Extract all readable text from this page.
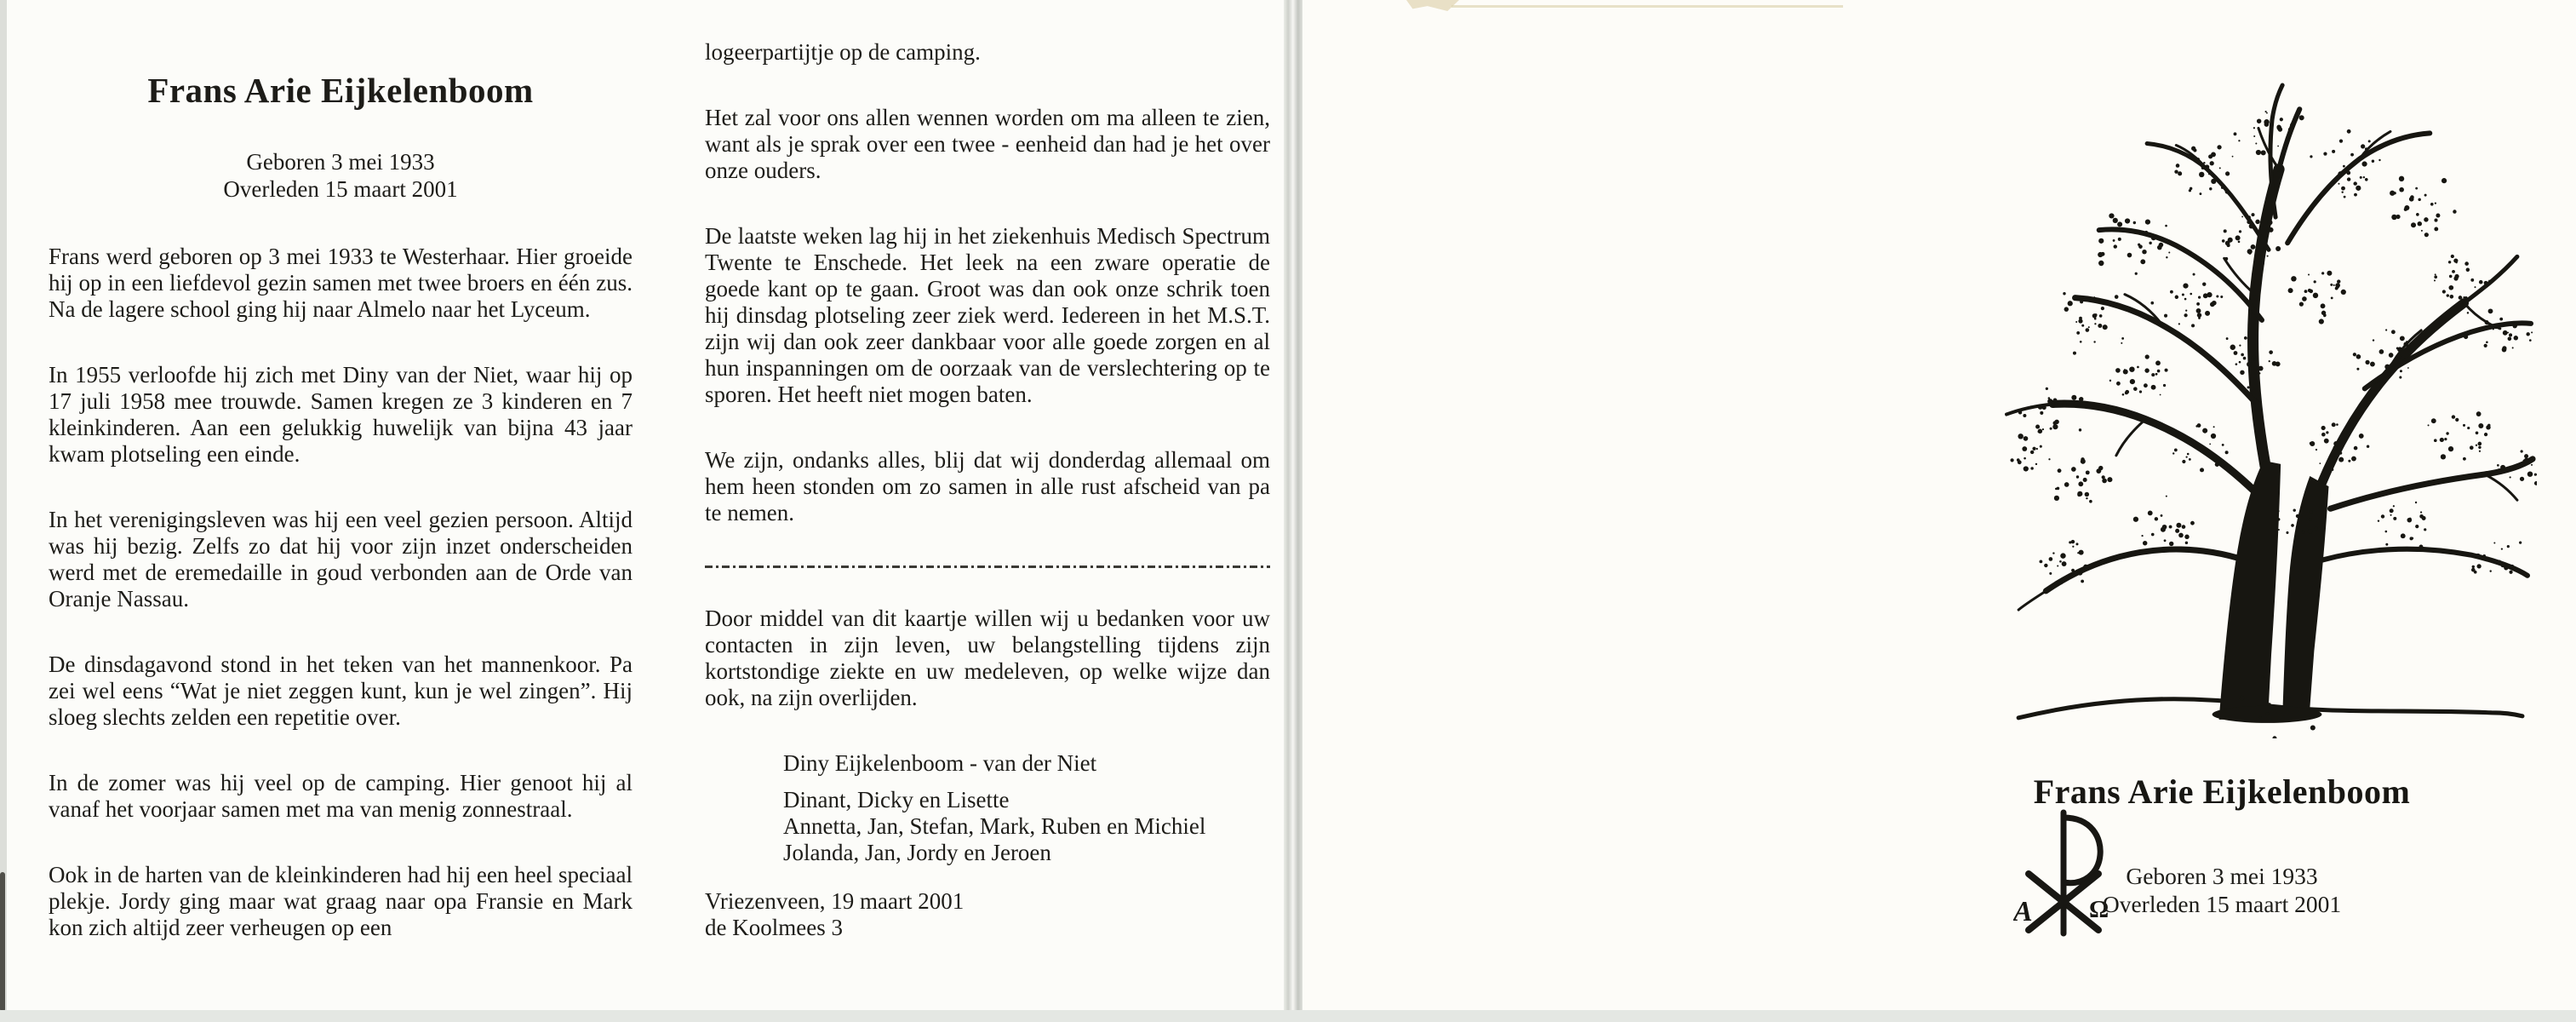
Frans Arie Eijkelenboom
Geboren 3 mei 1933
Overleden 15 maart 2001

Frans werd geboren op 3 mei 1933 te Westerhaar. Hier groeide hij op in een liefdevol gezin samen met twee broers en één zus. Na de lagere school ging hij naar Almelo naar het Lyceum.

In 1955 verloofde hij zich met Diny van der Niet, waar hij op 17 juli 1958 mee trouwde. Samen kregen ze 3 kinderen en 7 kleinkinderen. Aan een gelukkig huwelijk van bijna 43 jaar kwam plotseling een einde.

In het verenigingsleven was hij een veel gezien persoon. Altijd was hij bezig. Zelfs zo dat hij voor zijn inzet onderscheiden werd met de eremedaille in goud verbonden aan de Orde van Oranje Nassau.

De dinsdagavond stond in het teken van het mannenkoor. Pa zei wel eens “Wat je niet zeggen kunt, kun je wel zingen”. Hij sloeg slechts zelden een repetitie over.

In de zomer was hij veel op de camping. Hier genoot hij al vanaf het voorjaar samen met ma van menig zonnestraal.

Ook in de harten van de kleinkinderen had hij een heel speciaal plekje. Jordy ging maar wat graag naar opa Fransie en Mark kon zich altijd zeer verheugen op een

logeerpartijtje op de camping.

Het zal voor ons allen wennen worden om ma alleen te zien, want als je sprak over een twee - eenheid dan had je het over onze ouders.

De laatste weken lag hij in het ziekenhuis Medisch Spectrum Twente te Enschede. Het leek na een zware operatie de goede kant op te gaan. Groot was dan ook onze schrik toen hij dinsdag plotseling zeer ziek werd. Iedereen in het M.S.T. zijn wij dan ook zeer dankbaar voor alle goede zorgen en al hun inspanningen om de oorzaak van de verslechtering op te sporen. Het heeft niet mogen baten.

We zijn, ondanks alles, blij dat wij donderdag allemaal om hem heen stonden om zo samen in alle rust afscheid van pa te nemen.

Door middel van dit kaartje willen wij u bedanken voor uw contacten in zijn leven, uw belangstelling tijdens zijn kortstondige ziekte en uw medeleven, op welke wijze dan ook, na zijn overlijden.

Diny Eijkelenboom - van der Niet
Dinant, Dicky en Lisette
Annetta, Jan, Stefan, Mark, Ruben en Michiel
Jolanda, Jan, Jordy en Jeroen
Vriezenveen, 19 maart 2001
de Koolmees 3
Frans Arie Eijkelenboom
A Ω
Geboren 3 mei 1933
Overleden 15 maart 2001
